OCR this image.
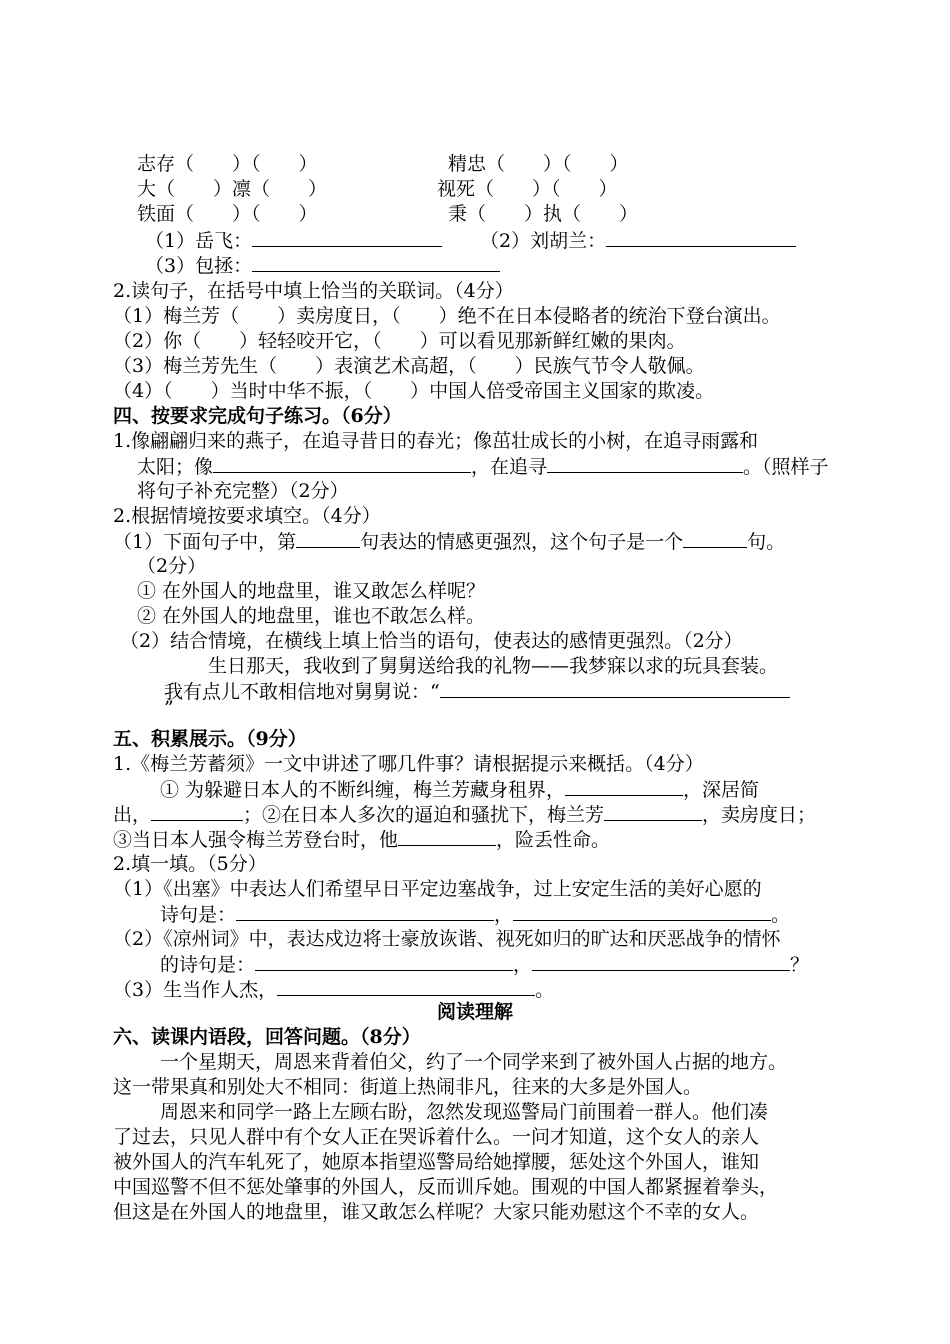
志存（　　）（　　）	精忠（　　）（　　）
大（　　）凛（　　）	视死（　　）（　　）
铁面（　　）（　　）	秉（　　）执（　　）
（1）岳飞：	（2）刘胡兰：
（3）包拯：
2.读句子，在括号中填上恰当的关联词。（4分）
（1）梅兰芳（　　）卖房度日，（　　）绝不在日本侵略者的统治下登台演出。
（2）你（　　）轻轻咬开它，（　　）可以看见那新鲜红嫩的果肉。
（3）梅兰芳先生（　　）表演艺术高超，（　　）民族气节令人敬佩。
（4）（　　）当时中华不振，（　　）中国人倍受帝国主义国家的欺凌。
四、按要求完成句子练习。（6分）
1.像翩翩归来的燕子，在追寻昔日的春光；像茁壮成长的小树，在追寻雨露和
太阳；像	，在追寻	。（照样子
将句子补充完整）（2分）
2.根据情境按要求填空。（4分）
（1）下面句子中，第	句表达的情感更强烈，这个句子是一个	句。
（2分）
① 在外国人的地盘里，谁又敢怎么样呢？
② 在外国人的地盘里，谁也不敢怎么样。
（2）结合情境，在横线上填上恰当的语句，使表达的感情更强烈。（2分）
生日那天，我收到了舅舅送给我的礼物——我梦寐以求的玩具套装。
我有点儿不敢相信地对舅舅说：“
”
五、积累展示。（9分）
1.《梅兰芳蓄须》一文中讲述了哪几件事？请根据提示来概括。（4分）
① 为躲避日本人的不断纠缠，梅兰芳藏身租界，	，深居简
出，	；②在日本人多次的逼迫和骚扰下，梅兰芳	，卖房度日；
③当日本人强令梅兰芳登台时，他	，险丢性命。
2.填一填。（5分）
（1）《出塞》中表达人们希望早日平定边塞战争，过上安定生活的美好心愿的
诗句是：	，	。
（2）《凉州词》中，表达戍边将士豪放诙谐、视死如归的旷达和厌恶战争的情怀
的诗句是：	，	？
（3）生当作人杰，	。
阅读理解
六、读课内语段，回答问题。（8分）
一个星期天，周恩来背着伯父，约了一个同学来到了被外国人占据的地方。
这一带果真和别处大不相同：街道上热闹非凡，往来的大多是外国人。
周恩来和同学一路上左顾右盼，忽然发现巡警局门前围着一群人。他们凑
了过去，只见人群中有个女人正在哭诉着什么。一问才知道，这个女人的亲人
被外国人的汽车轧死了，她原本指望巡警局给她撑腰，惩处这个外国人，谁知
中国巡警不但不惩处肇事的外国人，反而训斥她。围观的中国人都紧握着拳头，
但这是在外国人的地盘里，谁又敢怎么样呢？大家只能劝慰这个不幸的女人。
